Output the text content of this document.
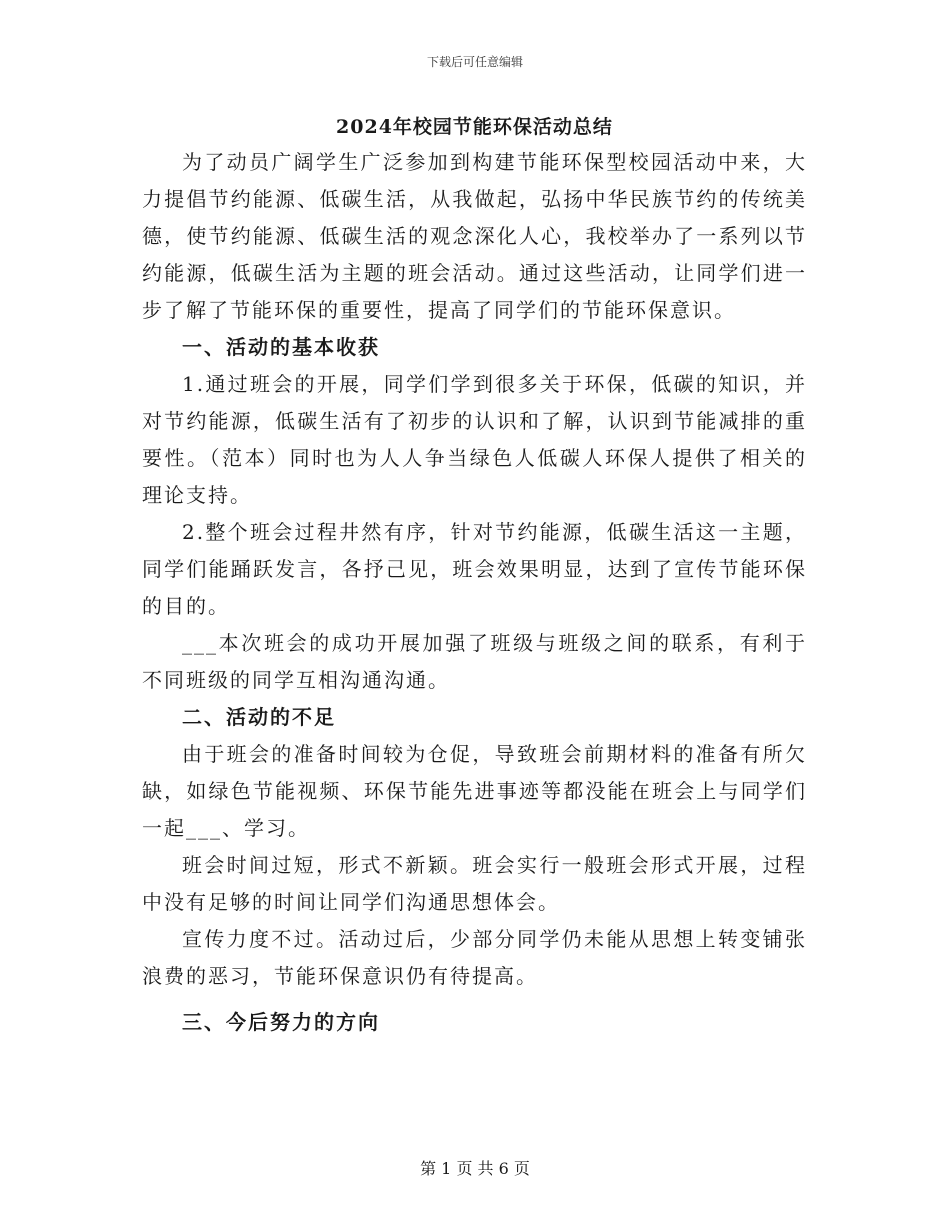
下载后可任意编辑
2024年校园节能环保活动总结

为了动员广阔学生广泛参加到构建节能环保型校园活动中来，大力提倡节约能源、低碳生活，从我做起，弘扬中华民族节约的传统美德，使节约能源、低碳生活的观念深化人心，我校举办了一系列以节约能源，低碳生活为主题的班会活动。通过这些活动，让同学们进一步了解了节能环保的重要性，提高了同学们的节能环保意识。

一、活动的基本收获

1.通过班会的开展，同学们学到很多关于环保，低碳的知识，并对节约能源，低碳生活有了初步的认识和了解，认识到节能减排的重要性。（范本）同时也为人人争当绿色人低碳人环保人提供了相关的理论支持。

2.整个班会过程井然有序，针对节约能源，低碳生活这一主题，同学们能踊跃发言，各抒己见，班会效果明显，达到了宣传节能环保的目的。

___本次班会的成功开展加强了班级与班级之间的联系，有利于不同班级的同学互相沟通沟通。

二、活动的不足

由于班会的准备时间较为仓促，导致班会前期材料的准备有所欠缺，如绿色节能视频、环保节能先进事迹等都没能在班会上与同学们一起___、学习。

班会时间过短，形式不新颖。班会实行一般班会形式开展，过程中没有足够的时间让同学们沟通思想体会。

宣传力度不过。活动过后，少部分同学仍未能从思想上转变铺张浪费的恶习，节能环保意识仍有待提高。

三、今后努力的方向

第 1 页 共 6 页
